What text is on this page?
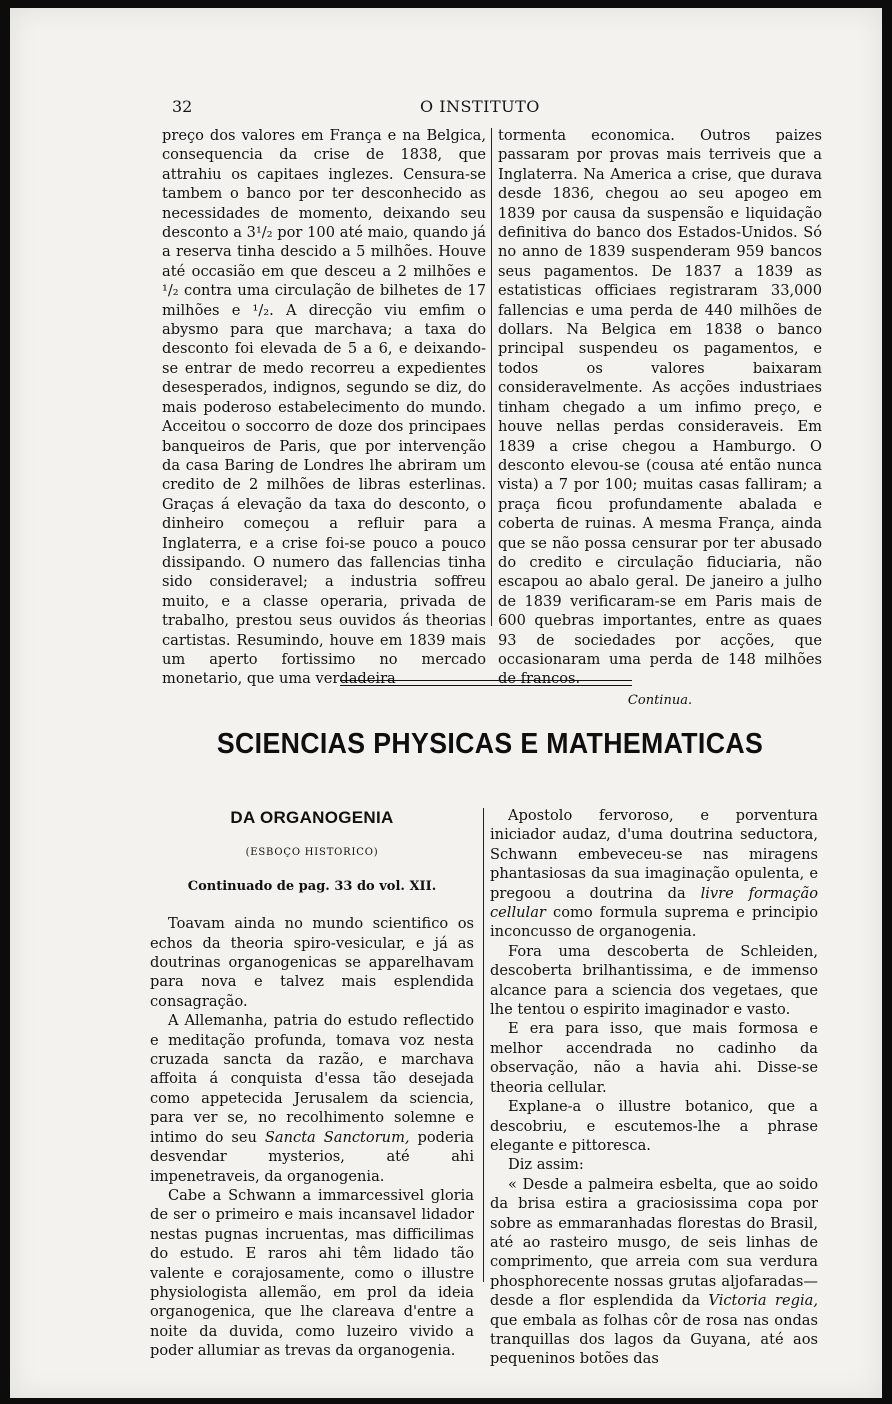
32	O INSTITUTO

preço dos valores em França e na Belgica, consequencia da crise de 1838, que attrahiu os capitaes inglezes. Censura-se tambem o banco por ter desconhecido as necessidades de momento, deixando seu desconto a 3¹/₂ por 100 até maio, quando já a reserva tinha descido a 5 milhões. Houve até occasião em que desceu a 2 milhões e ¹/₂ contra uma circulação de bilhetes de 17 milhões e ¹/₂. A direcção viu emfim o abysmo para que marchava; a taxa do desconto foi elevada de 5 a 6, e deixando-se entrar de medo recorreu a expedientes desesperados, indignos, segundo se diz, do mais poderoso estabelecimento do mundo. Acceitou o soccorro de doze dos principaes banqueiros de Paris, que por intervenção da casa Baring de Londres lhe abriram um credito de 2 milhões de libras esterlinas. Graças á elevação da taxa do desconto, o dinheiro começou a refluir para a Inglaterra, e a crise foi-se pouco a pouco dissipando. O numero das fallencias tinha sido consideravel; a industria soffreu muito, e a classe operaria, privada de trabalho, prestou seus ouvidos ás theorias cartistas. Resumindo, houve em 1839 mais um aperto fortissimo no mercado monetario, que uma verdadeira

tormenta economica. Outros paizes passaram por provas mais terriveis que a Inglaterra. Na America a crise, que durava desde 1836, chegou ao seu apogeo em 1839 por causa da suspensão e liquidação definitiva do banco dos Estados-Unidos. Só no anno de 1839 suspenderam 959 bancos seus pagamentos. De 1837 a 1839 as estatisticas officiaes registraram 33,000 fallencias e uma perda de 440 milhões de dollars. Na Belgica em 1838 o banco principal suspendeu os pagamentos, e todos os valores baixaram consideravelmente. As acções industriaes tinham chegado a um infimo preço, e houve nellas perdas consideraveis. Em 1839 a crise chegou a Hamburgo. O desconto elevou-se (cousa até então nunca vista) a 7 por 100; muitas casas falliram; a praça ficou profundamente abalada e coberta de ruinas. A mesma França, ainda que se não possa censurar por ter abusado do credito e circulação fiduciaria, não escapou ao abalo geral. De janeiro a julho de 1839 verificaram-se em Paris mais de 600 quebras importantes, entre as quaes 93 de sociedades por acções, que occasionaram uma perda de 148 milhões de francos.

Continua.
SCIENCIAS PHYSICAS E MATHEMATICAS
DA ORGANOGENIA
(ESBOÇO HISTORICO)
Continuado de pag. 33 do vol. XII.

Toavam ainda no mundo scientifico os echos da theoria spiro-vesicular, e já as doutrinas organogenicas se apparelhavam para nova e talvez mais esplendida consagração.

A Allemanha, patria do estudo reflectido e meditação profunda, tomava voz nesta cruzada sancta da razão, e marchava affoita á conquista d'essa tão desejada como appetecida Jerusalem da sciencia, para ver se, no recolhimento solemne e intimo do seu Sancta Sanctorum, poderia desvendar mysterios, até ahi impenetraveis, da organogenia.

Cabe a Schwann a immarcessivel gloria de ser o primeiro e mais incansavel lidador nestas pugnas incruentas, mas difficilimas do estudo. E raros ahi têm lidado tão valente e corajosamente, como o illustre physiologista allemão, em prol da ideia organogenica, que lhe clareava d'entre a noite da duvida, como luzeiro vivido a poder allumiar as trevas da organogenia.

Apostolo fervoroso, e porventura iniciador audaz, d'uma doutrina seductora, Schwann embeveceu-se nas miragens phantasiosas da sua imaginação opulenta, e pregoou a doutrina da livre formação cellular como formula suprema e principio inconcusso de organogenia.

Fora uma descoberta de Schleiden, descoberta brilhantissima, e de immenso alcance para a sciencia dos vegetaes, que lhe tentou o espirito imaginador e vasto.

E era para isso, que mais formosa e melhor accendrada no cadinho da observação, não a havia ahi. Disse-se theoria cellular.

Explane-a o illustre botanico, que a descobriu, e escutemos-lhe a phrase elegante e pittoresca.

Diz assim:

« Desde a palmeira esbelta, que ao soido da brisa estira a graciosissima copa por sobre as emmaranhadas florestas do Brasil, até ao rasteiro musgo, de seis linhas de comprimento, que arreia com sua verdura phosphorecente nossas grutas aljofaradas—desde a flor esplendida da Victoria regia, que embala as folhas côr de rosa nas ondas tranquillas dos lagos da Guyana, até aos pequeninos botões das
